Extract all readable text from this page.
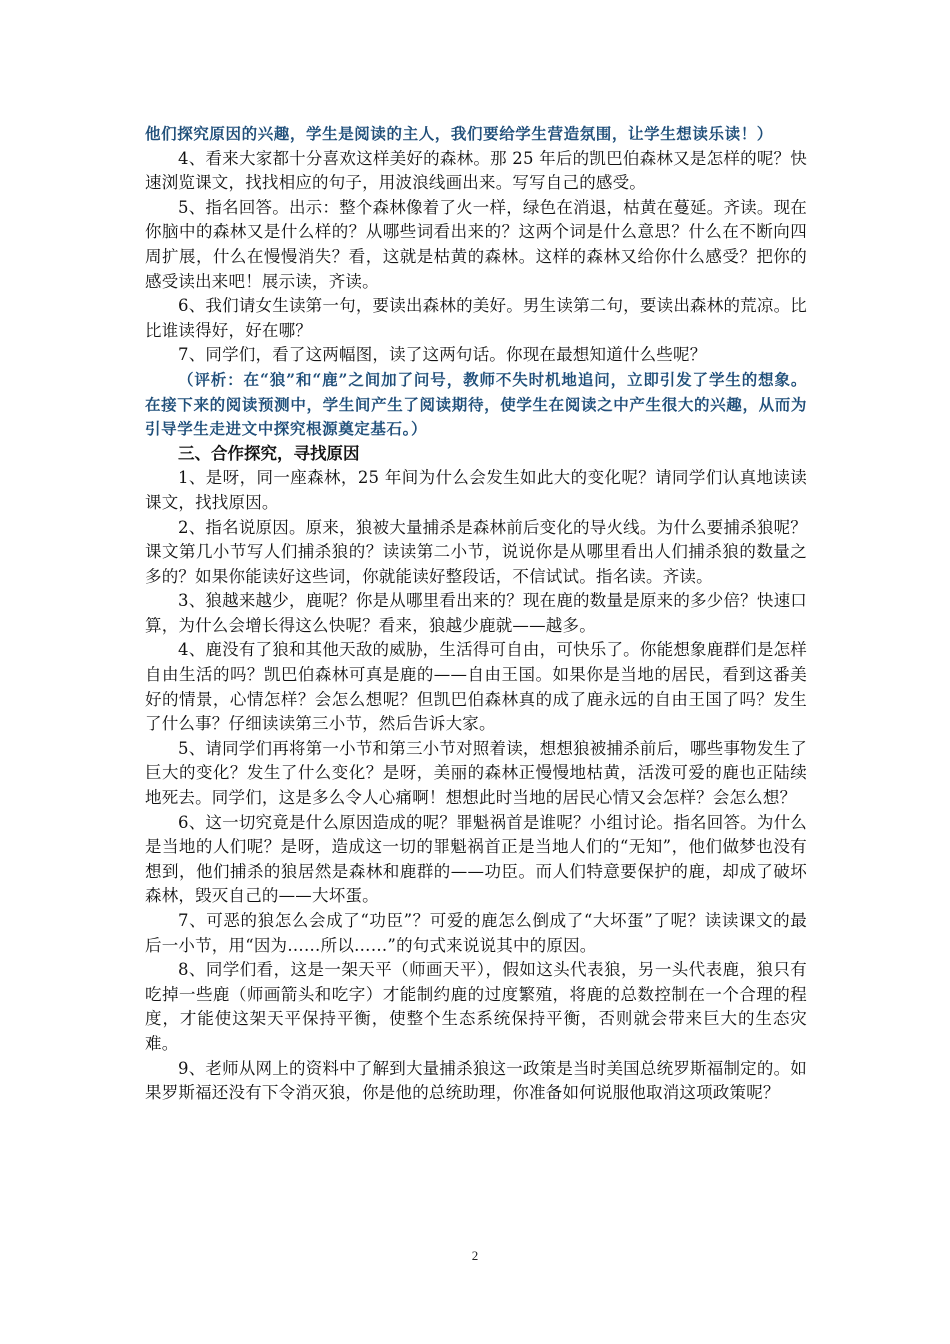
他们探究原因的兴趣，学生是阅读的主人，我们要给学生营造氛围，让学生想读乐读！）

4、看来大家都十分喜欢这样美好的森林。那 25 年后的凯巴伯森林又是怎样的呢？快速浏览课文，找找相应的句子，用波浪线画出来。写写自己的感受。

5、指名回答。出示：整个森林像着了火一样，绿色在消退，枯黄在蔓延。齐读。现在你脑中的森林又是什么样的？从哪些词看出来的？这两个词是什么意思？什么在不断向四周扩展，什么在慢慢消失？看，这就是枯黄的森林。这样的森林又给你什么感受？把你的感受读出来吧！展示读，齐读。

6、我们请女生读第一句，要读出森林的美好。男生读第二句，要读出森林的荒凉。比比谁读得好，好在哪？

7、同学们，看了这两幅图，读了这两句话。你现在最想知道什么些呢？

（评析：在“狼”和“鹿”之间加了问号，教师不失时机地追问，立即引发了学生的想象。在接下来的阅读预测中，学生间产生了阅读期待，使学生在阅读之中产生很大的兴趣，从而为引导学生走进文中探究根源奠定基石。）

三、合作探究，寻找原因

1、是呀，同一座森林，25 年间为什么会发生如此大的变化呢？请同学们认真地读读课文，找找原因。

2、指名说原因。原来，狼被大量捕杀是森林前后变化的导火线。为什么要捕杀狼呢？课文第几小节写人们捕杀狼的？读读第二小节，说说你是从哪里看出人们捕杀狼的数量之多的？如果你能读好这些词，你就能读好整段话，不信试试。指名读。齐读。

3、狼越来越少，鹿呢？你是从哪里看出来的？现在鹿的数量是原来的多少倍？快速口算，为什么会增长得这么快呢？看来，狼越少鹿就——越多。

4、鹿没有了狼和其他天敌的威胁，生活得可自由，可快乐了。你能想象鹿群们是怎样自由生活的吗？凯巴伯森林可真是鹿的——自由王国。如果你是当地的居民，看到这番美好的情景，心情怎样？会怎么想呢？但凯巴伯森林真的成了鹿永远的自由王国了吗？发生了什么事？仔细读读第三小节，然后告诉大家。

5、请同学们再将第一小节和第三小节对照着读，想想狼被捕杀前后，哪些事物发生了巨大的变化？发生了什么变化？是呀，美丽的森林正慢慢地枯黄，活泼可爱的鹿也正陆续地死去。同学们，这是多么令人心痛啊！想想此时当地的居民心情又会怎样？会怎么想？

6、这一切究竟是什么原因造成的呢？罪魁祸首是谁呢？小组讨论。指名回答。为什么是当地的人们呢？是呀，造成这一切的罪魁祸首正是当地人们的“无知”，他们做梦也没有想到，他们捕杀的狼居然是森林和鹿群的——功臣。而人们特意要保护的鹿，却成了破坏森林，毁灭自己的——大坏蛋。

7、可恶的狼怎么会成了“功臣”？可爱的鹿怎么倒成了“大坏蛋”了呢？读读课文的最后一小节，用“因为……所以……”的句式来说说其中的原因。

8、同学们看，这是一架天平（师画天平），假如这头代表狼，另一头代表鹿，狼只有吃掉一些鹿（师画箭头和吃字）才能制约鹿的过度繁殖，将鹿的总数控制在一个合理的程度，才能使这架天平保持平衡，使整个生态系统保持平衡，否则就会带来巨大的生态灾难。

9、老师从网上的资料中了解到大量捕杀狼这一政策是当时美国总统罗斯福制定的。如果罗斯福还没有下令消灭狼，你是他的总统助理，你准备如何说服他取消这项政策呢？

2
